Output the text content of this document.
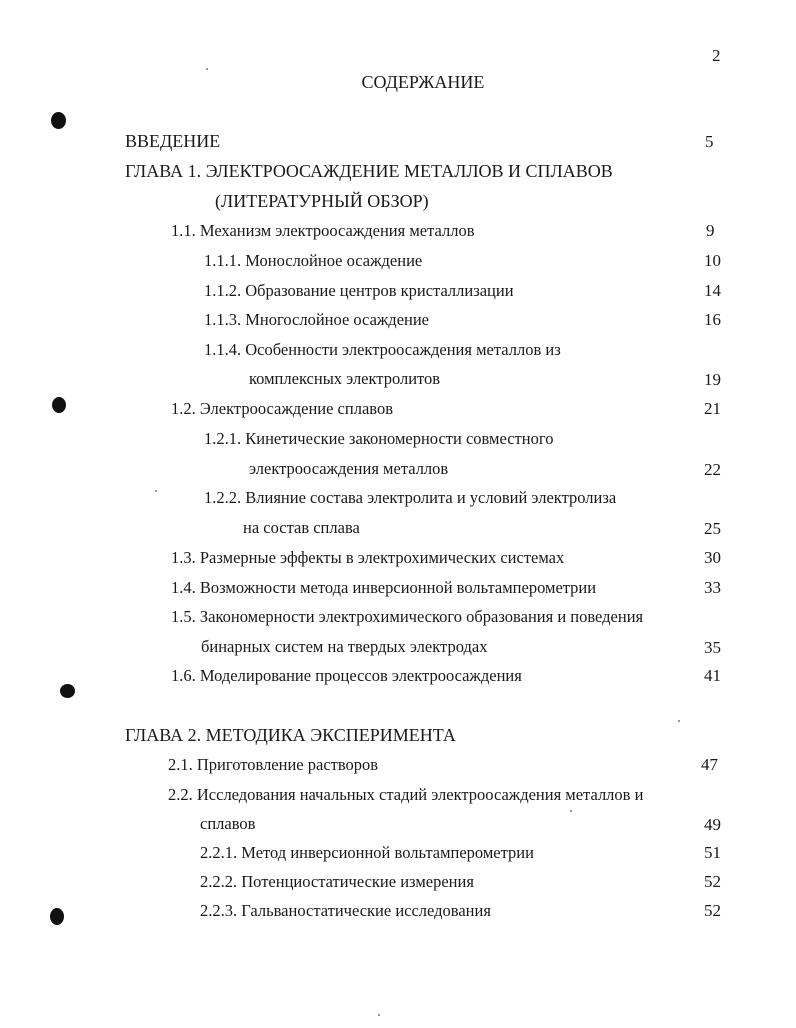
2
СОДЕРЖАНИЕ
ВВЕДЕНИЕ	5
ГЛАВА 1. ЭЛЕКТРООСАЖДЕНИЕ МЕТАЛЛОВ И СПЛАВОВ
(ЛИТЕРАТУРНЫЙ ОБЗОР)
1.1. Механизм электроосаждения металлов	9
1.1.1. Монослойное осаждение	10
1.1.2. Образование центров кристаллизации	14
1.1.3. Многослойное осаждение	16
1.1.4. Особенности электроосаждения металлов из
комплексных электролитов	19
1.2. Электроосаждение сплавов	21
1.2.1. Кинетические закономерности совместного
электроосаждения металлов	22
1.2.2. Влияние состава электролита и условий электролиза
на состав сплава	25
1.3. Размерные эффекты в электрохимических системах	30
1.4. Возможности метода инверсионной вольтамперометрии	33
1.5. Закономерности электрохимического образования и поведения
бинарных систем на твердых электродах	35
1.6. Моделирование процессов электроосаждения	41
ГЛАВА 2. МЕТОДИКА ЭКСПЕРИМЕНТА
2.1. Приготовление растворов	47
2.2. Исследования начальных стадий электроосаждения металлов и
сплавов	49
2.2.1. Метод инверсионной вольтамперометрии	51
2.2.2. Потенциостатические измерения	52
2.2.3. Гальваностатические исследования	52
